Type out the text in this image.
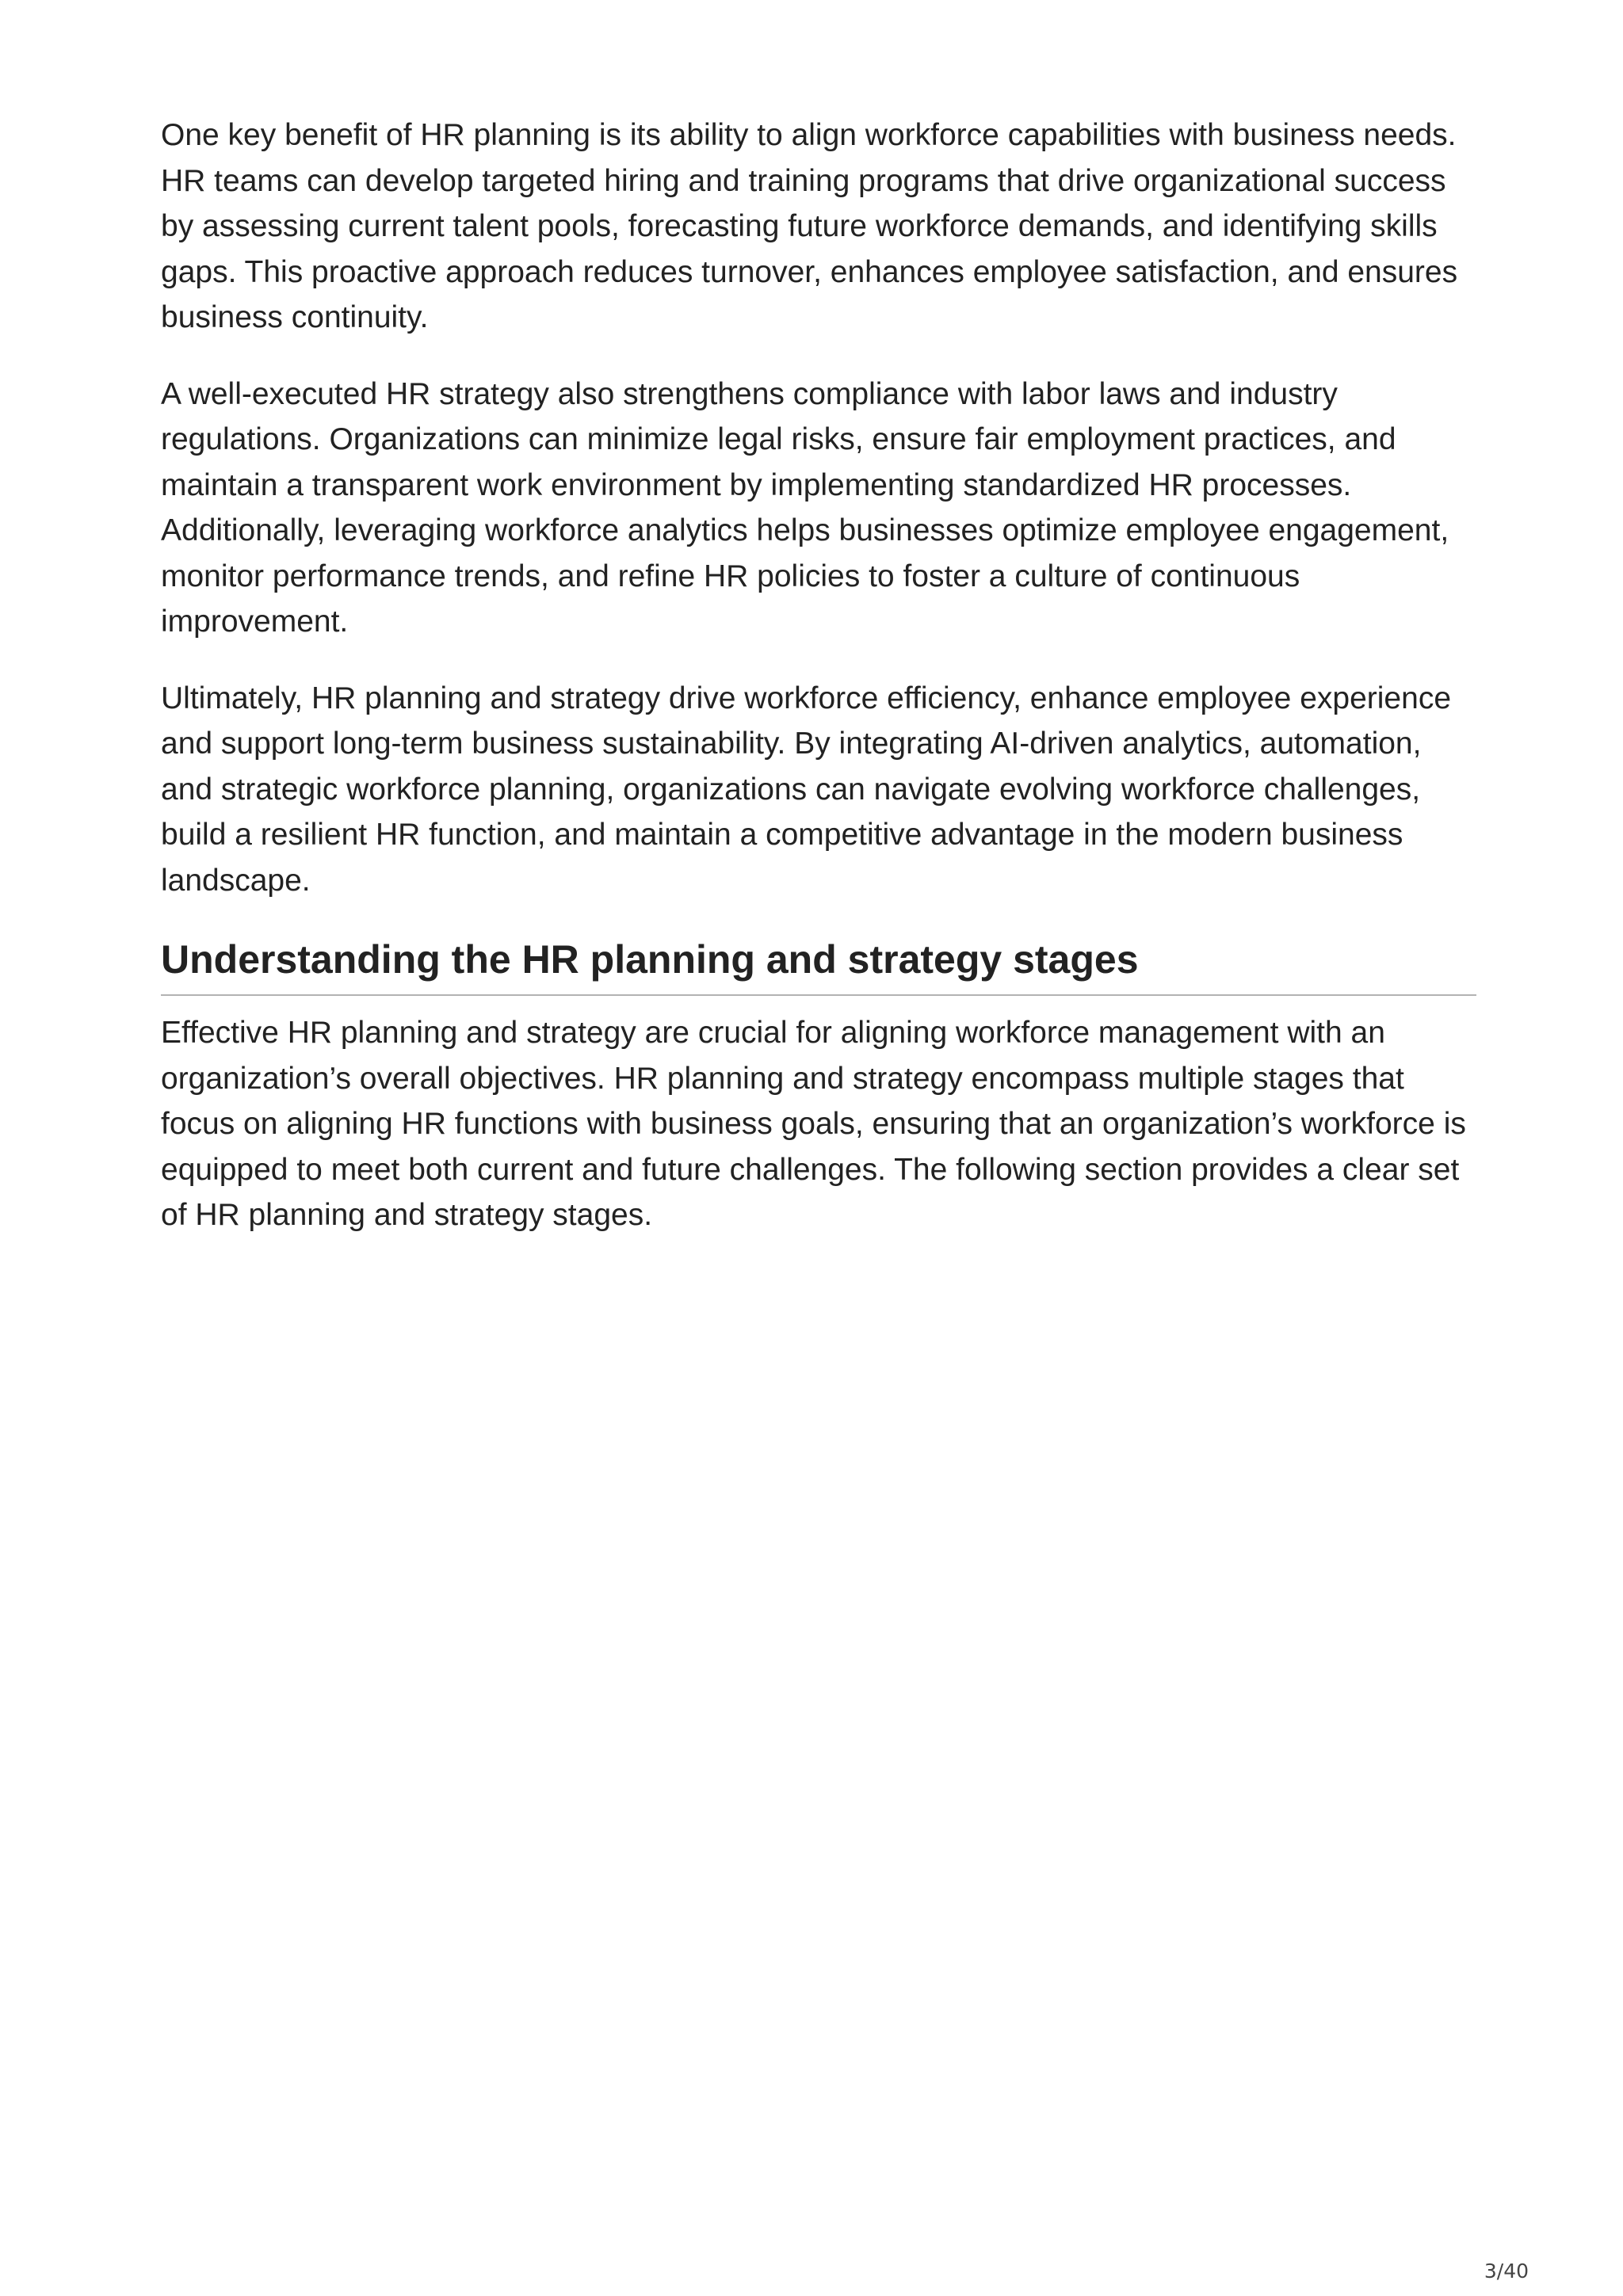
One key benefit of HR planning is its ability to align workforce capabilities with business needs. HR teams can develop targeted hiring and training programs that drive organizational success by assessing current talent pools, forecasting future workforce demands, and identifying skills gaps. This proactive approach reduces turnover, enhances employee satisfaction, and ensures business continuity.

A well-executed HR strategy also strengthens compliance with labor laws and industry regulations. Organizations can minimize legal risks, ensure fair employment practices, and maintain a transparent work environment by implementing standardized HR processes. Additionally, leveraging workforce analytics helps businesses optimize employee engagement, monitor performance trends, and refine HR policies to foster a culture of continuous improvement.

Ultimately, HR planning and strategy drive workforce efficiency, enhance employee experience and support long-term business sustainability. By integrating AI-driven analytics, automation, and strategic workforce planning, organizations can navigate evolving workforce challenges, build a resilient HR function, and maintain a competitive advantage in the modern business landscape.

Understanding the HR planning and strategy stages

Effective HR planning and strategy are crucial for aligning workforce management with an organization’s overall objectives. HR planning and strategy encompass multiple stages that focus on aligning HR functions with business goals, ensuring that an organization’s workforce is equipped to meet both current and future challenges. The following section provides a clear set of HR planning and strategy stages.

3/40
